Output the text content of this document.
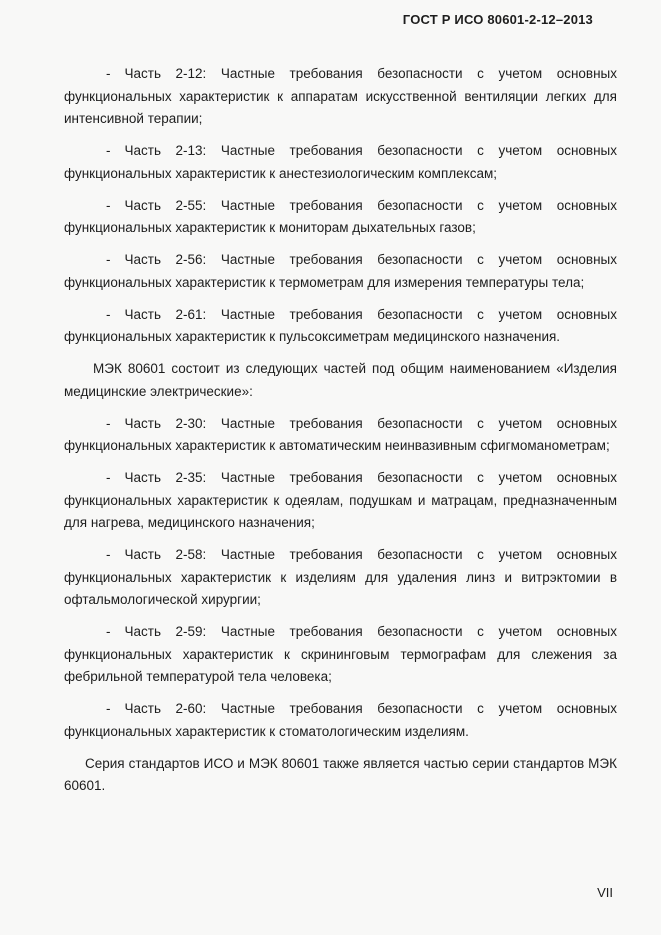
ГОСТ Р ИСО 80601-2-12–2013

- Часть 2-12: Частные требования безопасности с учетом основных функциональных характеристик к аппаратам искусственной вентиляции легких для интенсивной терапии;

- Часть 2-13: Частные требования безопасности с учетом основных функциональных характеристик к анестезиологическим комплексам;

- Часть 2-55: Частные требования безопасности с учетом основных функциональных характеристик к мониторам дыхательных газов;

- Часть 2-56: Частные требования безопасности с учетом основных функциональных характеристик к термометрам для измерения температуры тела;

- Часть 2-61: Частные требования безопасности с учетом основных функциональных характеристик к пульсоксиметрам медицинского назначения.

МЭК 80601 состоит из следующих частей под общим наименованием «Изделия медицинские электрические»:

- Часть 2-30: Частные требования безопасности с учетом основных функциональных характеристик к автоматическим неинвазивным сфигмоманометрам;

- Часть 2-35: Частные требования безопасности с учетом основных функциональных характеристик к одеялам, подушкам и матрацам, предназначенным для нагрева, медицинского назначения;

- Часть 2-58: Частные требования безопасности с учетом основных функциональных характеристик к изделиям для удаления линз и витрэктомии в офтальмологической хирургии;

- Часть 2-59: Частные требования безопасности с учетом основных функциональных характеристик к скрининговым термографам для слежения за фебрильной температурой тела человека;

- Часть 2-60: Частные требования безопасности с учетом основных функциональных характеристик к стоматологическим изделиям.

Серия стандартов ИСО и МЭК 80601 также является частью серии стандартов МЭК 60601.

VII
